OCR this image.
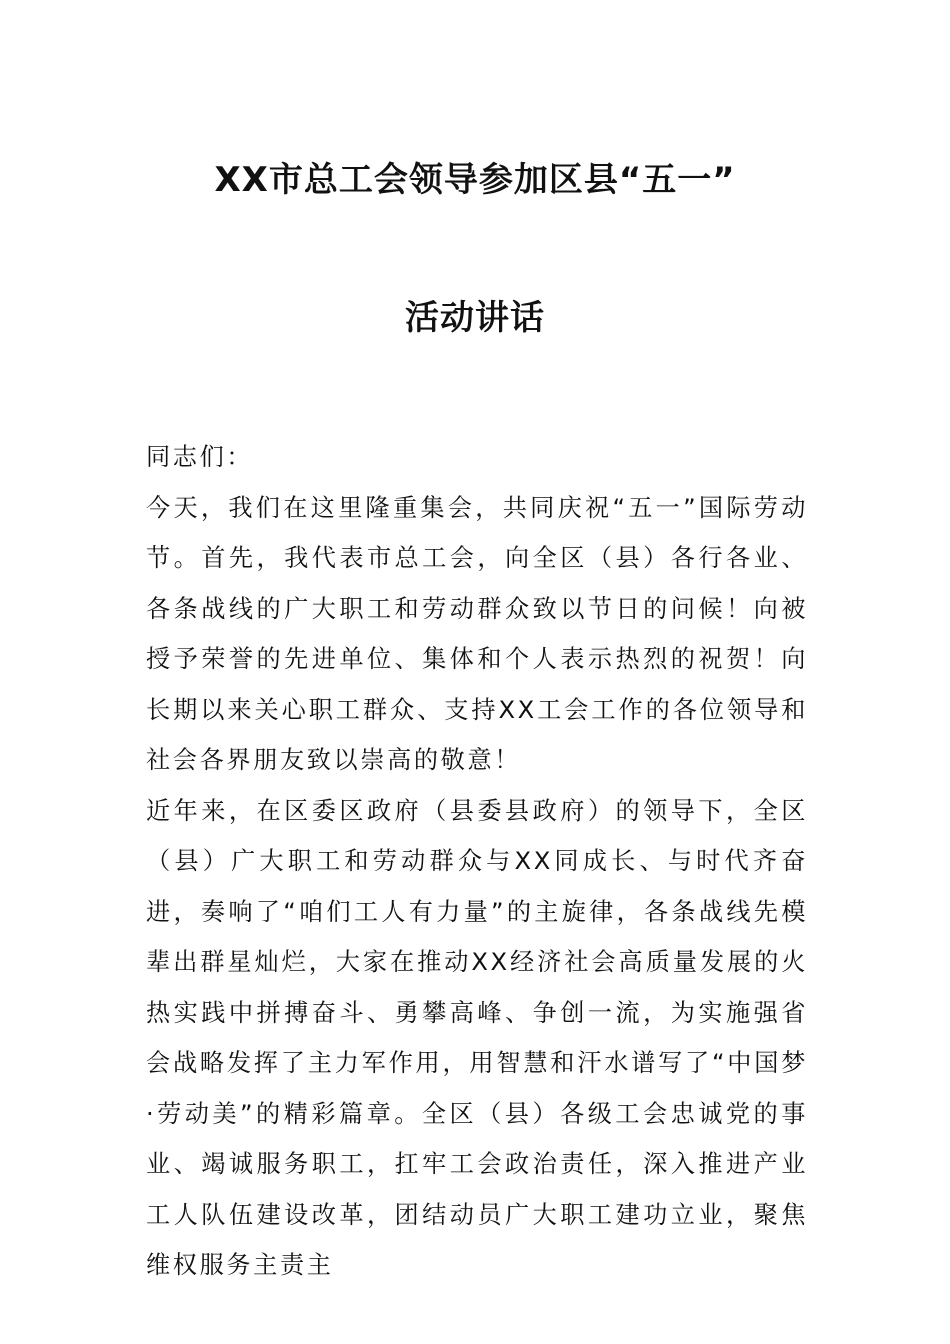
XX市总工会领导参加区县“五一”
活动讲话

同志们：

今天，我们在这里隆重集会，共同庆祝“五一”国际劳动节。首先，我代表市总工会，向全区（县）各行各业、各条战线的广大职工和劳动群众致以节日的问候！向被授予荣誉的先进单位、集体和个人表示热烈的祝贺！向长期以来关心职工群众、支持XX工会工作的各位领导和社会各界朋友致以崇高的敬意！

近年来，在区委区政府（县委县政府）的领导下，全区（县）广大职工和劳动群众与XX同成长、与时代齐奋进，奏响了“咱们工人有力量”的主旋律，各条战线先模辈出群星灿烂，大家在推动XX经济社会高质量发展的火热实践中拼搏奋斗、勇攀高峰、争创一流，为实施强省会战略发挥了主力军作用，用智慧和汗水谱写了“中国梦·劳动美”的精彩篇章。全区（县）各级工会忠诚党的事业、竭诚服务职工，扛牢工会政治责任，深入推进产业工人队伍建设改革，团结动员广大职工建功立业，聚焦维权服务主责主
